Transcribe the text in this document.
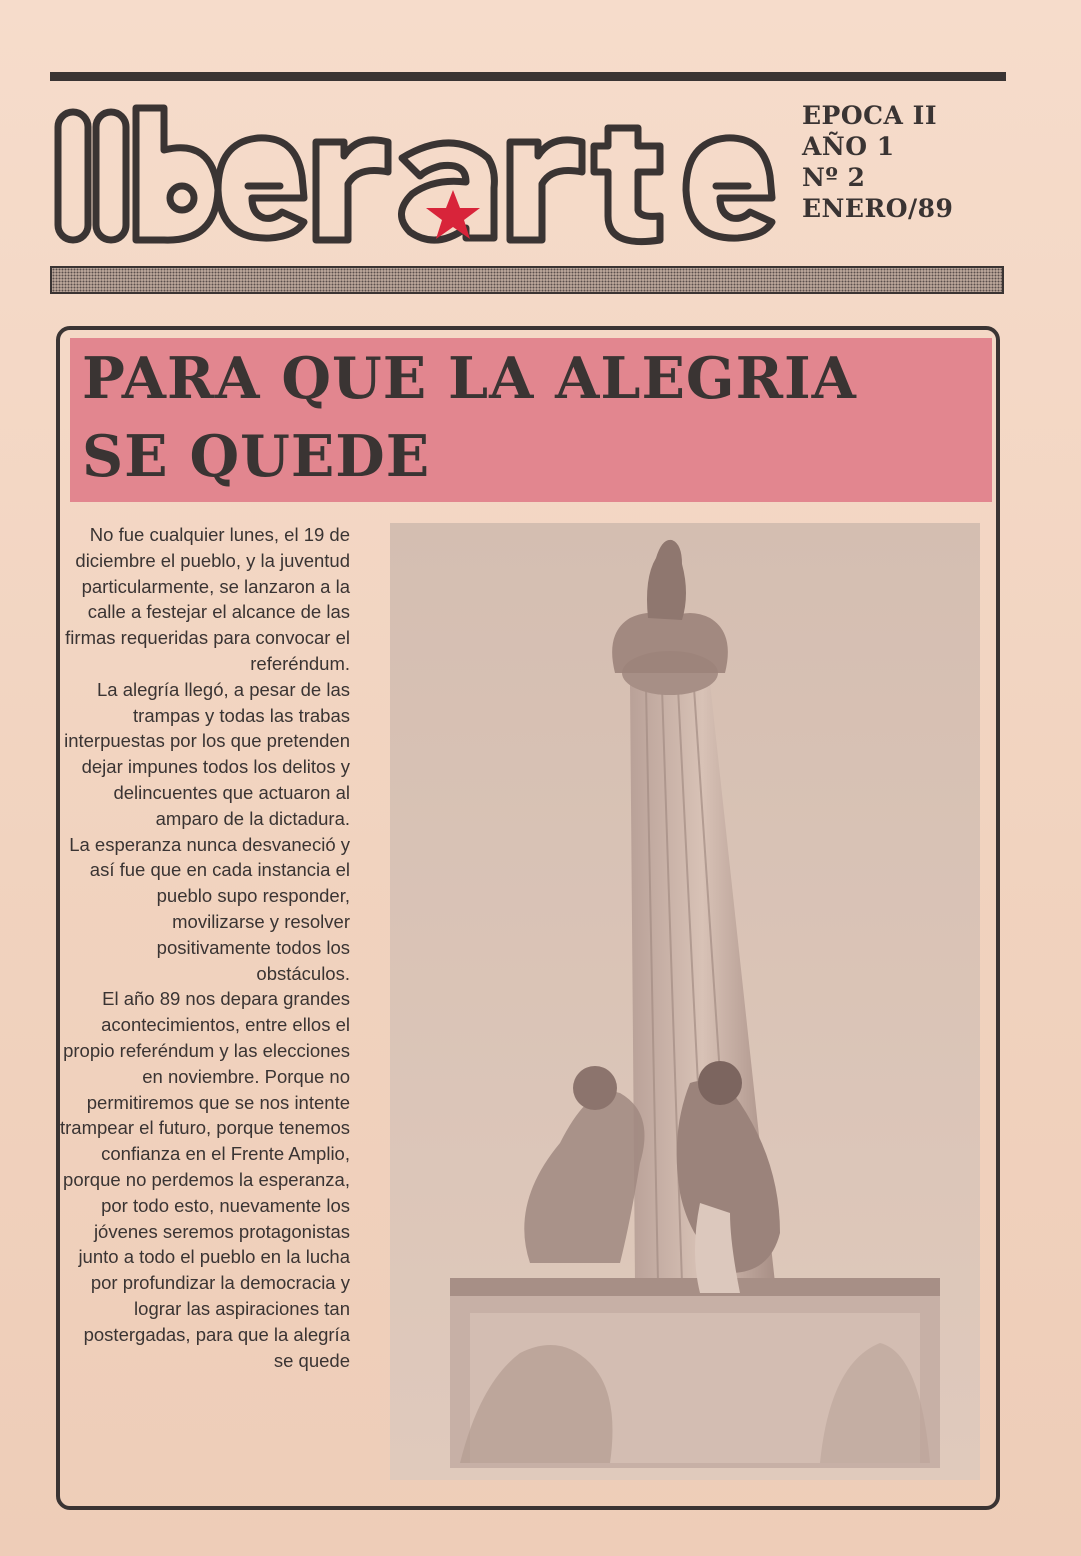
EPOCA II
AÑO 1
Nº 2
ENERO/89
PARA QUE LA ALEGRIA
SE QUEDE

No fue cualquier lunes, el 19 de diciembre el pueblo, y la juventud particularmente, se lanzaron a la calle a festejar el alcance de las firmas requeridas para convocar el referéndum.

La alegría llegó, a pesar de las trampas y todas las trabas interpuestas por los que pretenden dejar impunes todos los delitos y delincuentes que actuaron al amparo de la dictadura.

La esperanza nunca desvaneció y así fue que en cada instancia el pueblo supo responder, movilizarse y resolver positivamente todos los obstáculos.

El año 89 nos depara grandes acontecimientos, entre ellos el propio referéndum y las elecciones en noviembre. Porque no permitiremos que se nos intente trampear el futuro, porque tenemos confianza en el Frente Amplio, porque no perdemos la esperanza, por todo esto, nuevamente los jóvenes seremos protagonistas junto a todo el pueblo en la lucha por profundizar la democracia y lograr las aspiraciones tan postergadas, para que la alegría se quede
